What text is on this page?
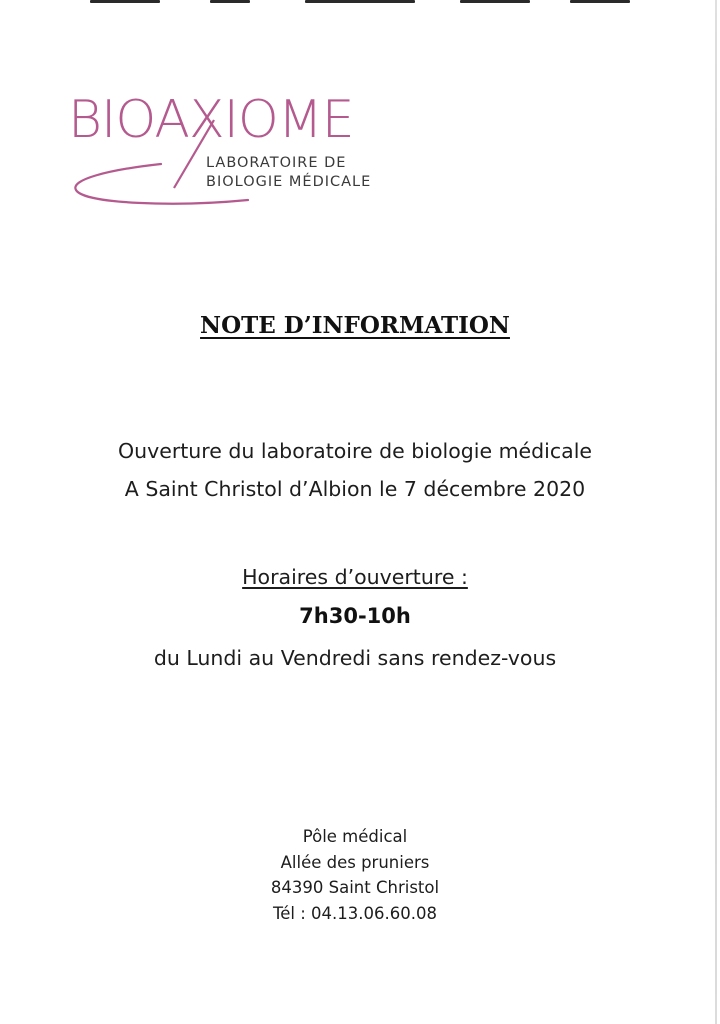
BIOAXIOME
LABORATOIRE DE
BIOLOGIE MÉDICALE
NOTE D’INFORMATION
Ouverture du laboratoire de biologie médicale
A Saint Christol d’Albion le 7 décembre 2020
Horaires d’ouverture :
7h30-10h
du Lundi au Vendredi sans rendez-vous
Pôle médical
Allée des pruniers
84390 Saint Christol
Tél : 04.13.06.60.08
